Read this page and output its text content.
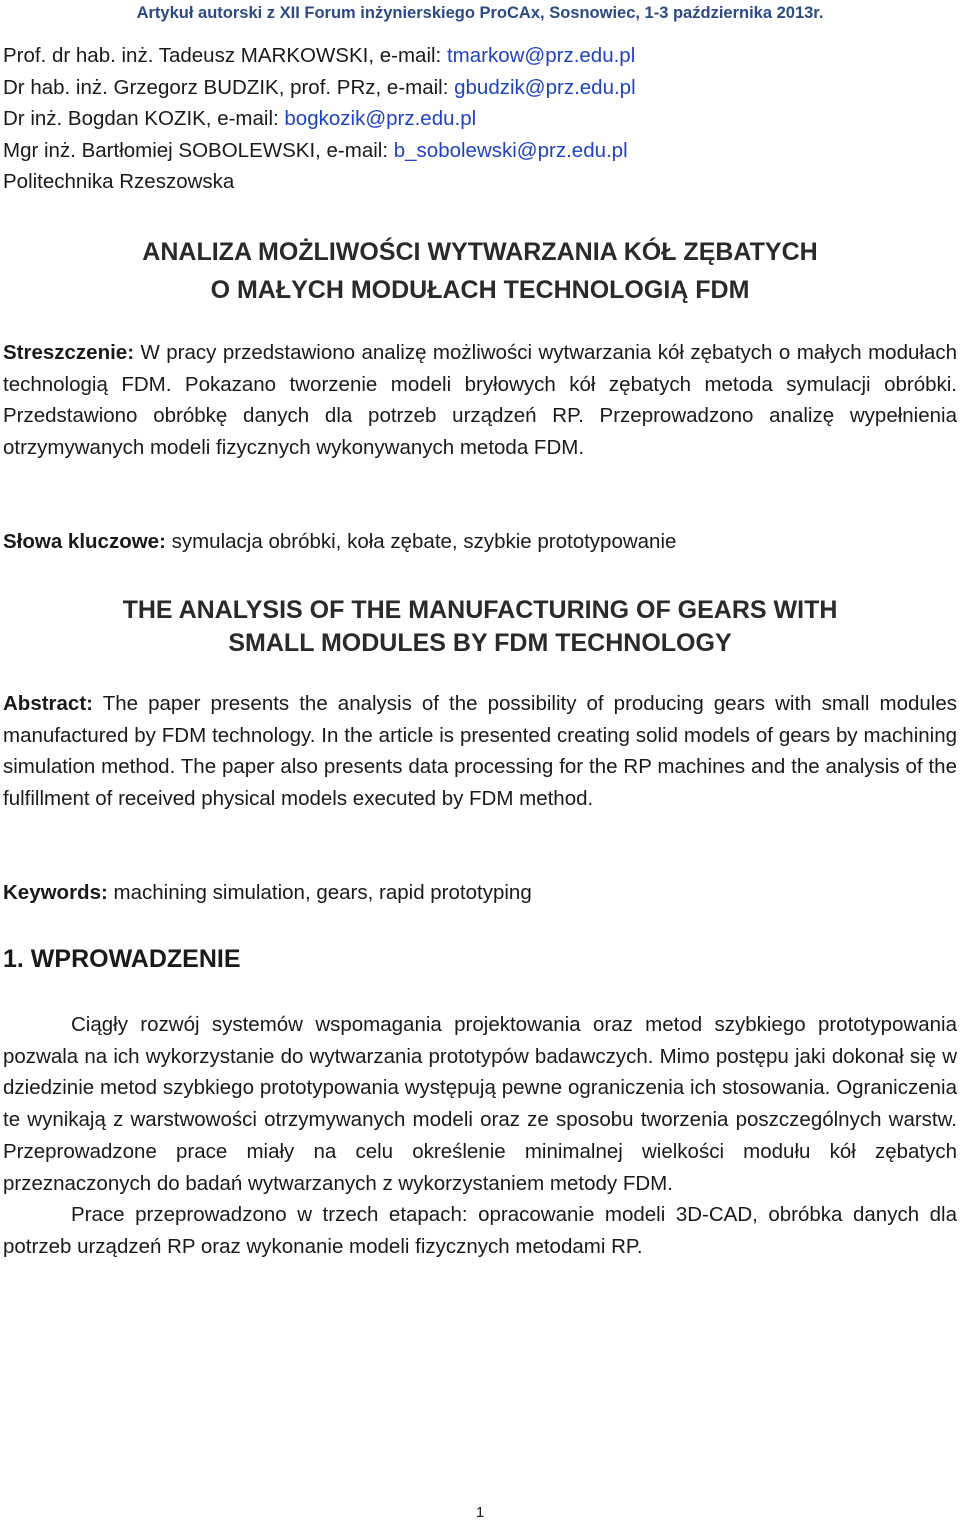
Artykuł autorski z XII Forum inżynierskiego ProCAx, Sosnowiec, 1-3 października 2013r.
Prof. dr hab. inż. Tadeusz MARKOWSKI, e-mail: tmarkow@prz.edu.pl
Dr hab. inż. Grzegorz BUDZIK, prof. PRz, e-mail: gbudzik@prz.edu.pl
Dr inż. Bogdan KOZIK, e-mail: bogkozik@prz.edu.pl
Mgr inż. Bartłomiej SOBOLEWSKI, e-mail: b_sobolewski@prz.edu.pl
Politechnika Rzeszowska
ANALIZA MOŻLIWOŚCI WYTWARZANIA KÓŁ ZĘBATYCH
O MAŁYCH MODUŁACH TECHNOLOGIĄ FDM
Streszczenie: W pracy przedstawiono analizę możliwości wytwarzania kół zębatych o małych modułach technologią FDM. Pokazano tworzenie modeli bryłowych kół zębatych metoda symulacji obróbki. Przedstawiono obróbkę danych dla potrzeb urządzeń RP. Przeprowadzono analizę wypełnienia otrzymywanych modeli fizycznych wykonywanych metoda FDM.
Słowa kluczowe: symulacja obróbki, koła zębate, szybkie prototypowanie
THE ANALYSIS OF THE MANUFACTURING OF GEARS WITH
SMALL MODULES BY FDM TECHNOLOGY
Abstract: The paper presents the analysis of the possibility of producing gears with small modules manufactured by FDM technology. In the article is presented creating solid models of gears by machining simulation method. The paper also presents data processing for the RP machines and the analysis of the fulfillment of received physical models executed by FDM method.
Keywords: machining simulation, gears, rapid prototyping
1. WPROWADZENIE

Ciągły rozwój systemów wspomagania projektowania oraz metod szybkiego prototypowania pozwala na ich wykorzystanie do wytwarzania prototypów badawczych. Mimo postępu jaki dokonał się w dziedzinie metod szybkiego prototypowania występują pewne ograniczenia ich stosowania. Ograniczenia te wynikają z warstwowości otrzymywanych modeli oraz ze sposobu tworzenia poszczególnych warstw. Przeprowadzone prace miały na celu określenie minimalnej wielkości modułu kół zębatych przeznaczonych do badań wytwarzanych z wykorzystaniem metody FDM.

Prace przeprowadzono w trzech etapach: opracowanie modeli 3D-CAD, obróbka danych dla potrzeb urządzeń RP oraz wykonanie modeli fizycznych metodami RP.

1
